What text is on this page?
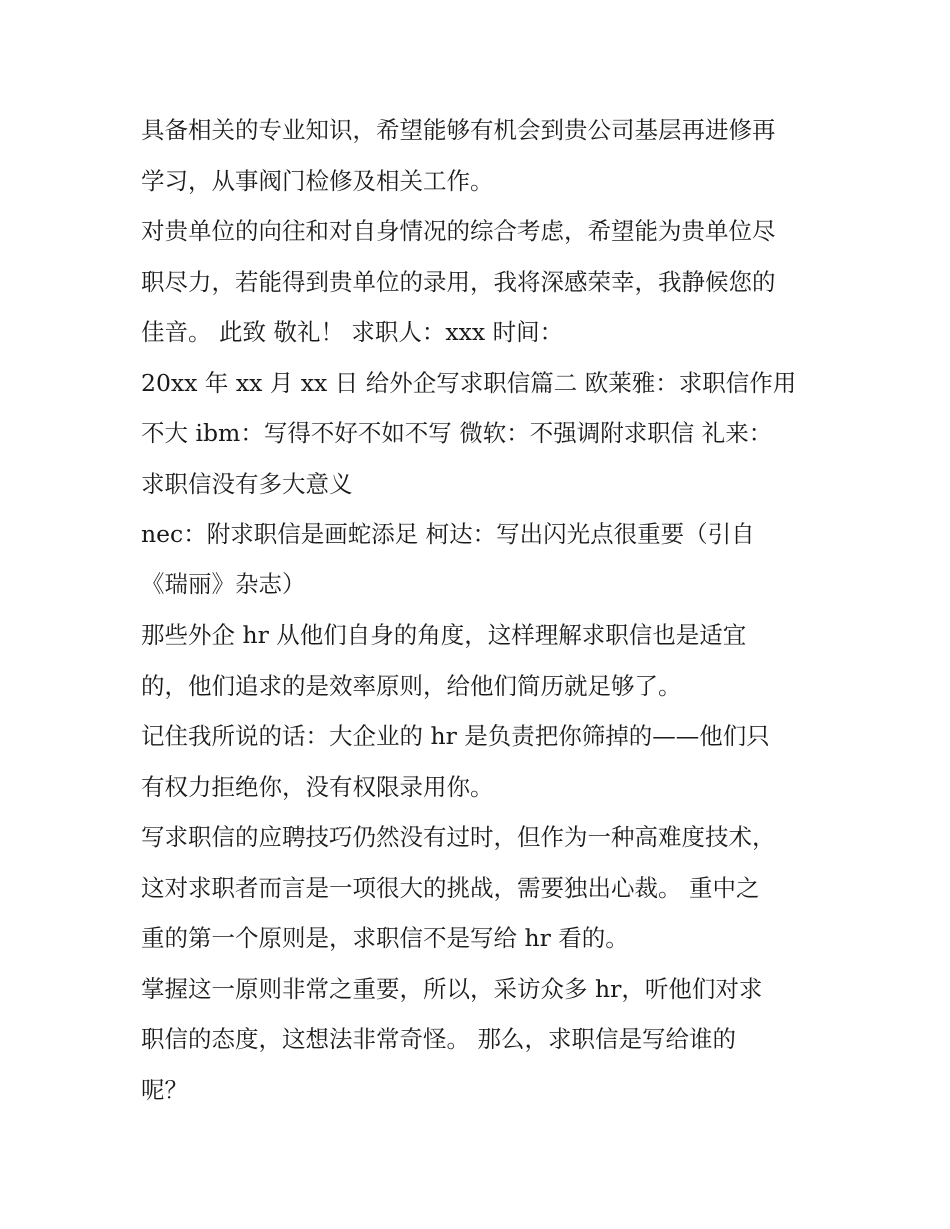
具备相关的专业知识，希望能够有机会到贵公司基层再进修再
学习，从事阀门检修及相关工作。
对贵单位的向往和对自身情况的综合考虑，希望能为贵单位尽
职尽力，若能得到贵单位的录用，我将深感荣幸，我静候您的
佳音。 此致 敬礼！ 求职人：xxx 时间：
20xx 年 xx 月 xx 日 给外企写求职信篇二 欧莱雅：求职信作用
不大 ibm：写得不好不如不写 微软：不强调附求职信 礼来：
求职信没有多大意义
nec：附求职信是画蛇添足 柯达：写出闪光点很重要（引自
《瑞丽》杂志）
那些外企 hr 从他们自身的角度，这样理解求职信也是适宜
的，他们追求的是效率原则，给他们简历就足够了。
记住我所说的话：大企业的 hr 是负责把你筛掉的——他们只
有权力拒绝你，没有权限录用你。
写求职信的应聘技巧仍然没有过时，但作为一种高难度技术，
这对求职者而言是一项很大的挑战，需要独出心裁。 重中之
重的第一个原则是，求职信不是写给 hr 看的。
掌握这一原则非常之重要，所以，采访众多 hr，听他们对求
职信的态度，这想法非常奇怪。 那么，求职信是写给谁的
呢？
